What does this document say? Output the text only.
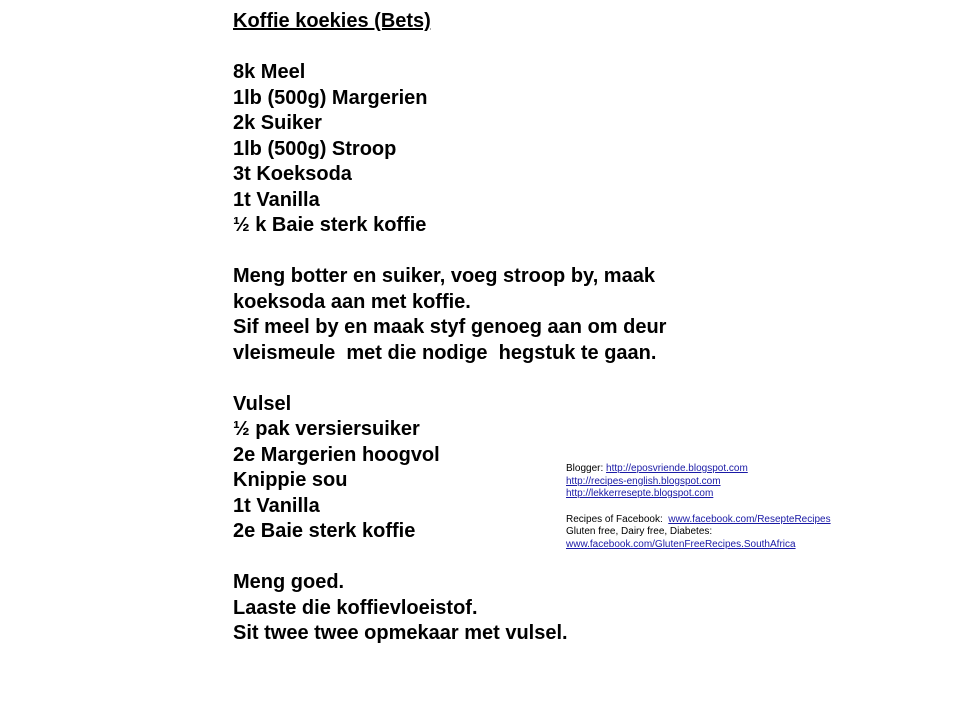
Koffie koekies (Bets)
8k Meel
1lb (500g) Margerien
2k Suiker
1lb (500g) Stroop
3t Koeksoda
1t Vanilla
½ k Baie sterk koffie
Meng botter en suiker, voeg stroop by, maak
koeksoda aan met koffie.
Sif meel by en maak styf genoeg aan om deur
vleismeule  met die nodige  hegstuk te gaan.
Vulsel
½ pak versiersuiker
2e Margerien hoogvol
Knippie sou
1t Vanilla
2e Baie sterk koffie
Meng goed.
Laaste die koffievloeistof.
Sit twee twee opmekaar met vulsel.
Blogger: http://eposvriende.blogspot.com
http://recipes-english.blogspot.com
http://lekkerresepte.blogspot.com
Recipes of Facebook:  www.facebook.com/ResepteRecipes
Gluten free, Dairy free, Diabetes:
www.facebook.com/GlutenFreeRecipes.SouthAfrica
